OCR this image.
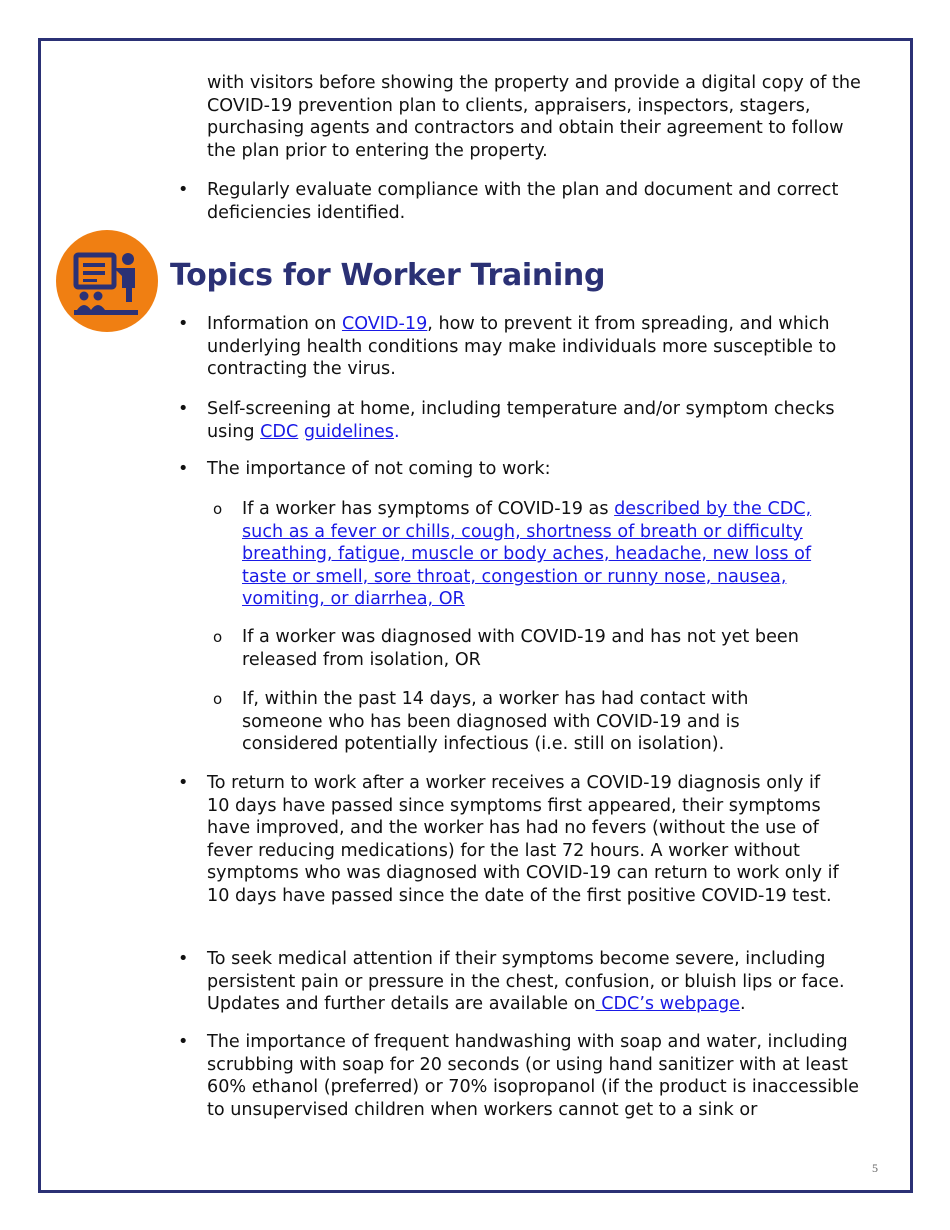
with visitors before showing the property and provide a digital copy of the COVID-19 prevention plan to clients, appraisers, inspectors, stagers, purchasing agents and contractors and obtain their agreement to follow the plan prior to entering the property.
•	Regularly evaluate compliance with the plan and document and correct deficiencies identified.
Topics for Worker Training
•	Information on COVID-19, how to prevent it from spreading, and which underlying health conditions may make individuals more susceptible to contracting the virus.
•	Self-screening at home, including temperature and/or symptom checks using CDC guidelines.
•	The importance of not coming to work:
o If a worker has symptoms of COVID-19 as described by the CDC, such as a fever or chills, cough, shortness of breath or difficulty breathing, fatigue, muscle or body aches, headache, new loss of taste or smell, sore throat, congestion or runny nose, nausea, vomiting, or diarrhea, OR
o If a worker was diagnosed with COVID-19 and has not yet been released from isolation, OR
o If, within the past 14 days, a worker has had contact with someone who has been diagnosed with COVID-19 and is considered potentially infectious (i.e. still on isolation).
•	To return to work after a worker receives a COVID-19 diagnosis only if 10 days have passed since symptoms first appeared, their symptoms have improved, and the worker has had no fevers (without the use of fever reducing medications) for the last 72 hours. A worker without symptoms who was diagnosed with COVID-19 can return to work only if 10 days have passed since the date of the first positive COVID-19 test.
•	To seek medical attention if their symptoms become severe, including persistent pain or pressure in the chest, confusion, or bluish lips or face. Updates and further details are available on CDC’s webpage.
•	The importance of frequent handwashing with soap and water, including scrubbing with soap for 20 seconds (or using hand sanitizer with at least 60% ethanol (preferred) or 70% isopropanol (if the product is inaccessible to unsupervised children when workers cannot get to a sink or
5
